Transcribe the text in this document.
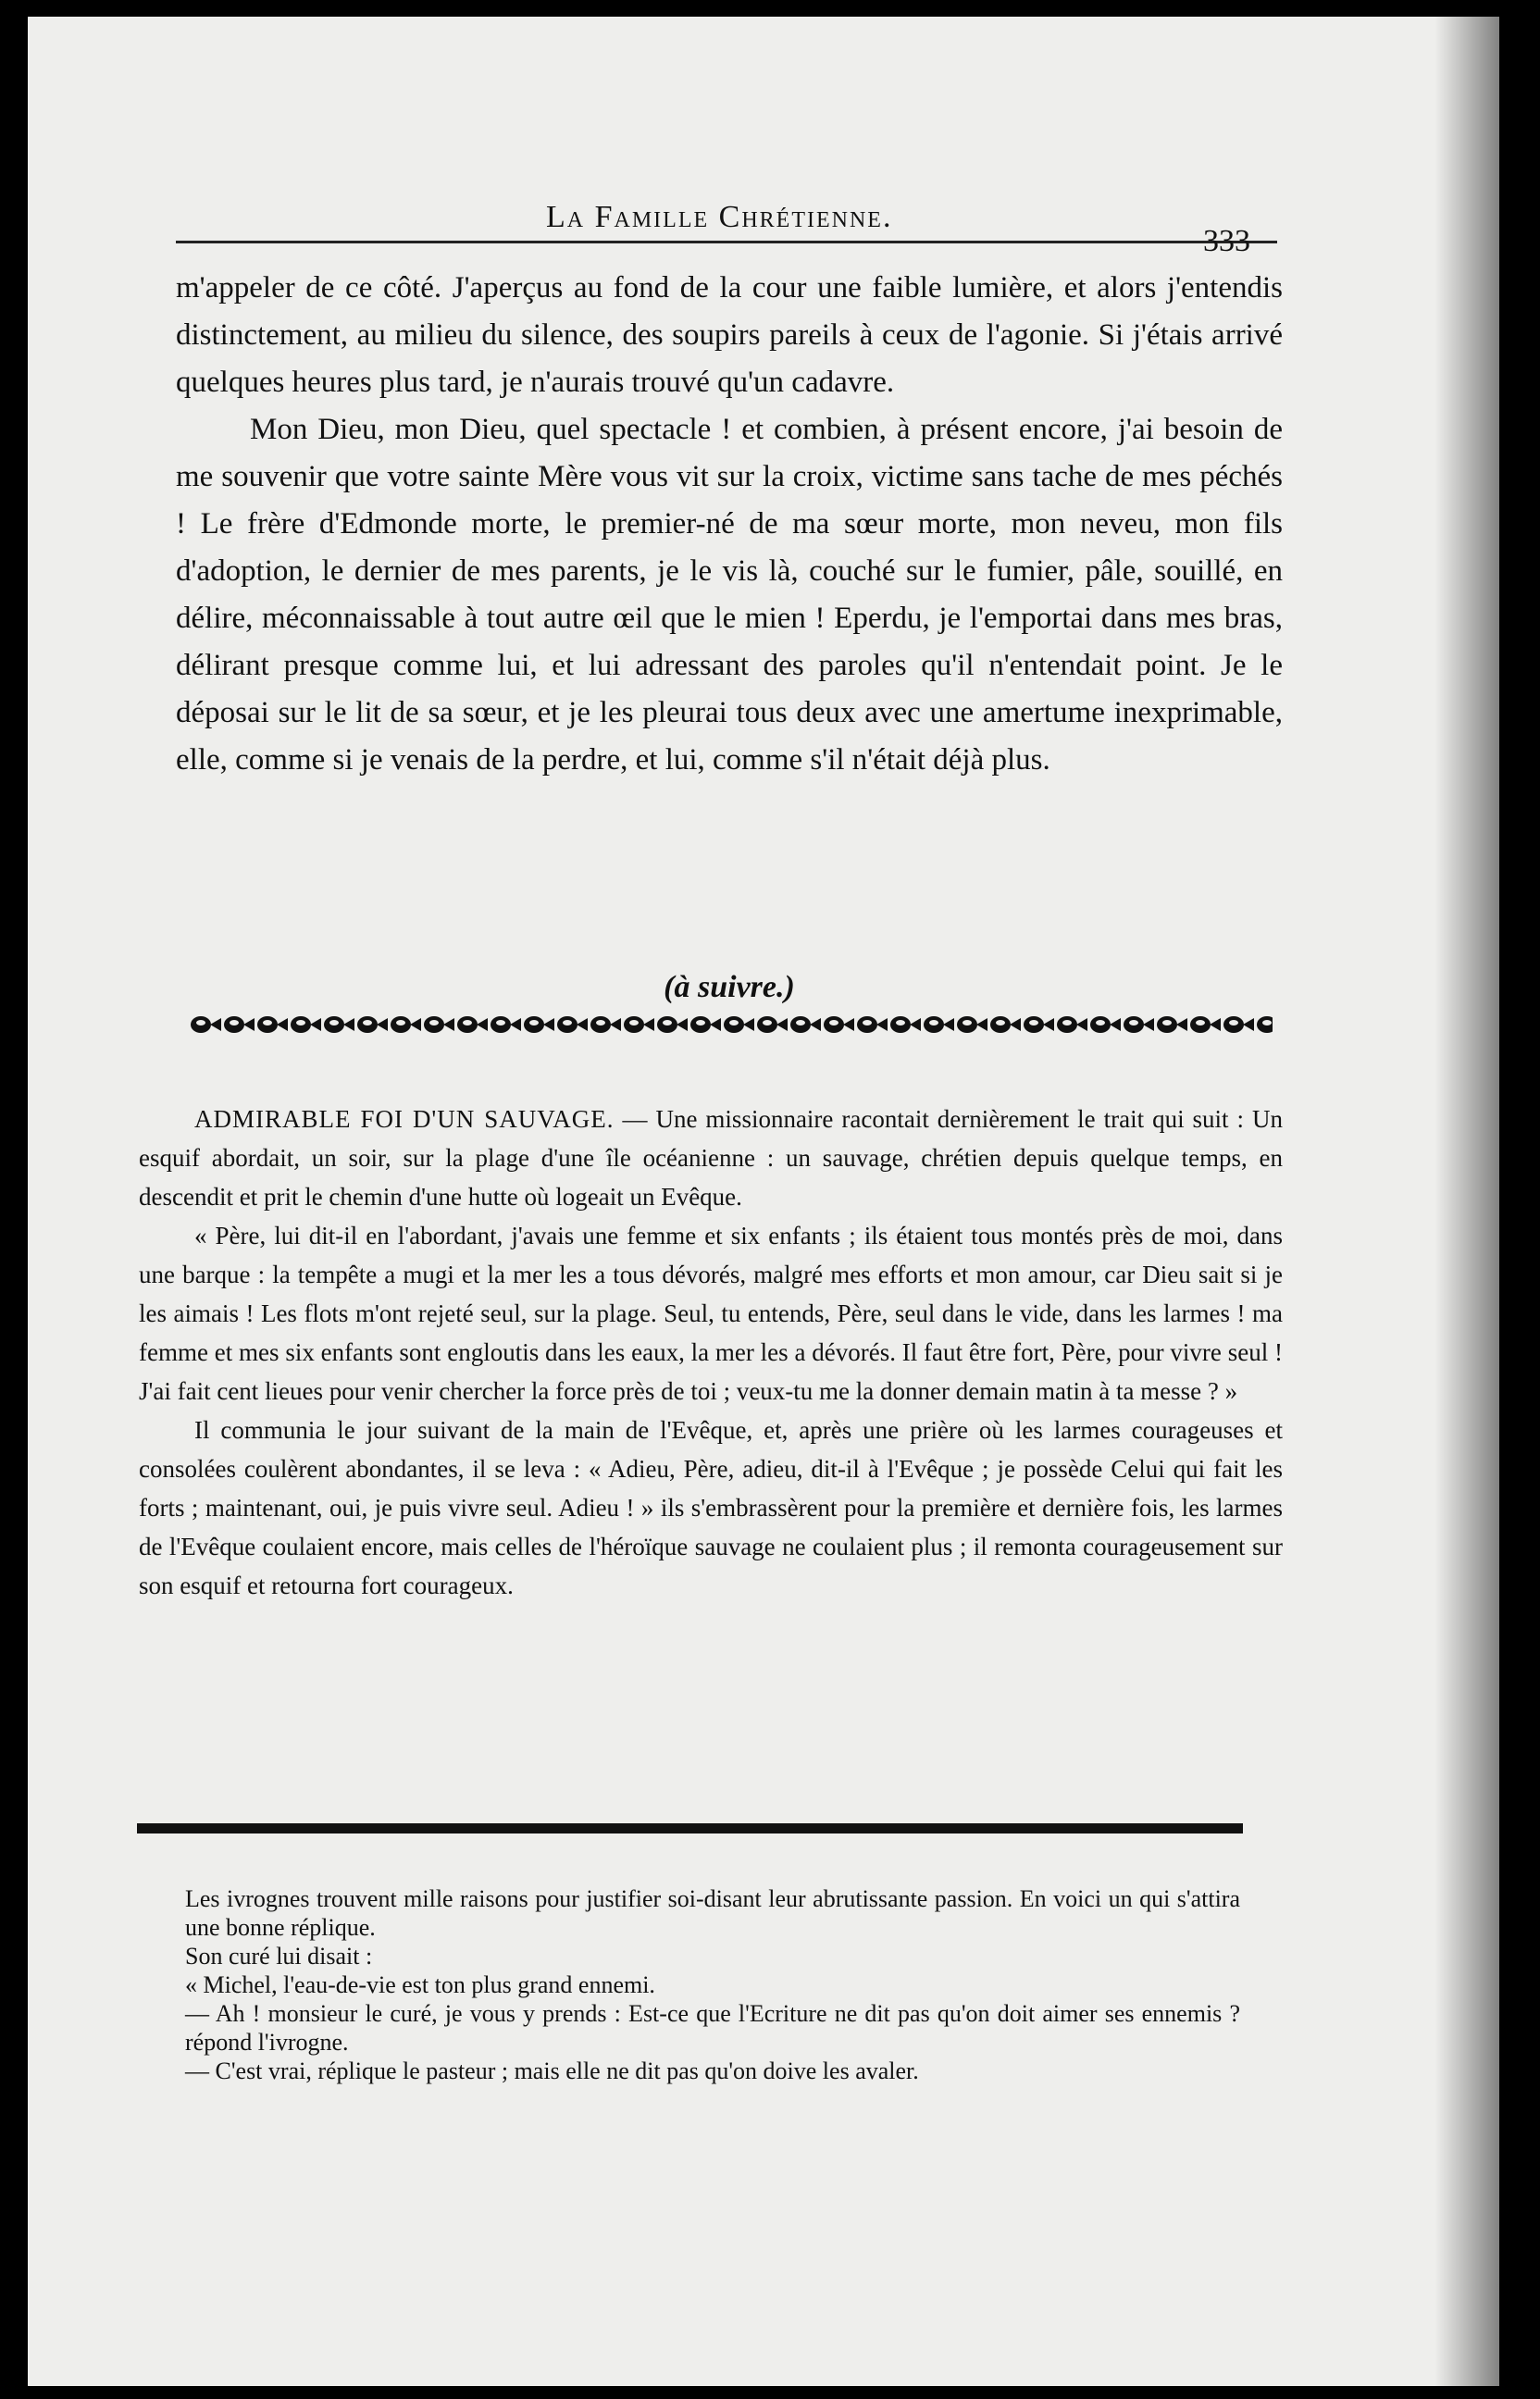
La Famille Chrétienne.
333

m'appeler de ce côté. J'aperçus au fond de la cour une faible lumière, et alors j'entendis distinctement, au milieu du silence, des soupirs pareils à ceux de l'agonie. Si j'étais arrivé quelques heures plus tard, je n'aurais trouvé qu'un cadavre.

Mon Dieu, mon Dieu, quel spectacle ! et combien, à présent encore, j'ai besoin de me souvenir que votre sainte Mère vous vit sur la croix, victime sans tache de mes péchés ! Le frère d'Edmonde morte, le premier-né de ma sœur morte, mon neveu, mon fils d'adoption, le dernier de mes parents, je le vis là, couché sur le fumier, pâle, souillé, en délire, méconnaissable à tout autre œil que le mien ! Eperdu, je l'emportai dans mes bras, délirant presque comme lui, et lui adressant des paroles qu'il n'entendait point. Je le déposai sur le lit de sa sœur, et je les pleurai tous deux avec une amertume inexprimable, elle, comme si je venais de la perdre, et lui, comme s'il n'était déjà plus.

(à suivre.)

ADMIRABLE FOI D'UN SAUVAGE. — Une missionnaire racontait dernièrement le trait qui suit : Un esquif abordait, un soir, sur la plage d'une île océanienne : un sauvage, chrétien depuis quelque temps, en descendit et prit le chemin d'une hutte où logeait un Evêque.

« Père, lui dit-il en l'abordant, j'avais une femme et six enfants ; ils étaient tous montés près de moi, dans une barque : la tempête a mugi et la mer les a tous dévorés, malgré mes efforts et mon amour, car Dieu sait si je les aimais ! Les flots m'ont rejeté seul, sur la plage. Seul, tu entends, Père, seul dans le vide, dans les larmes ! ma femme et mes six enfants sont engloutis dans les eaux, la mer les a dévorés. Il faut être fort, Père, pour vivre seul ! J'ai fait cent lieues pour venir chercher la force près de toi ; veux-tu me la donner demain matin à ta messe ? »

Il communia le jour suivant de la main de l'Evêque, et, après une prière où les larmes courageuses et consolées coulèrent abondantes, il se leva : « Adieu, Père, adieu, dit-il à l'Evêque ; je possède Celui qui fait les forts ; maintenant, oui, je puis vivre seul. Adieu ! » ils s'embrassèrent pour la première et dernière fois, les larmes de l'Evêque coulaient encore, mais celles de l'héroïque sauvage ne coulaient plus ; il remonta courageusement sur son esquif et retourna fort courageux.

Les ivrognes trouvent mille raisons pour justifier soi-disant leur abrutissante passion. En voici un qui s'attira une bonne réplique.

Son curé lui disait :

« Michel, l'eau-de-vie est ton plus grand ennemi.

— Ah ! monsieur le curé, je vous y prends : Est-ce que l'Ecriture ne dit pas qu'on doit aimer ses ennemis ? répond l'ivrogne.

— C'est vrai, réplique le pasteur ; mais elle ne dit pas qu'on doive les avaler.
